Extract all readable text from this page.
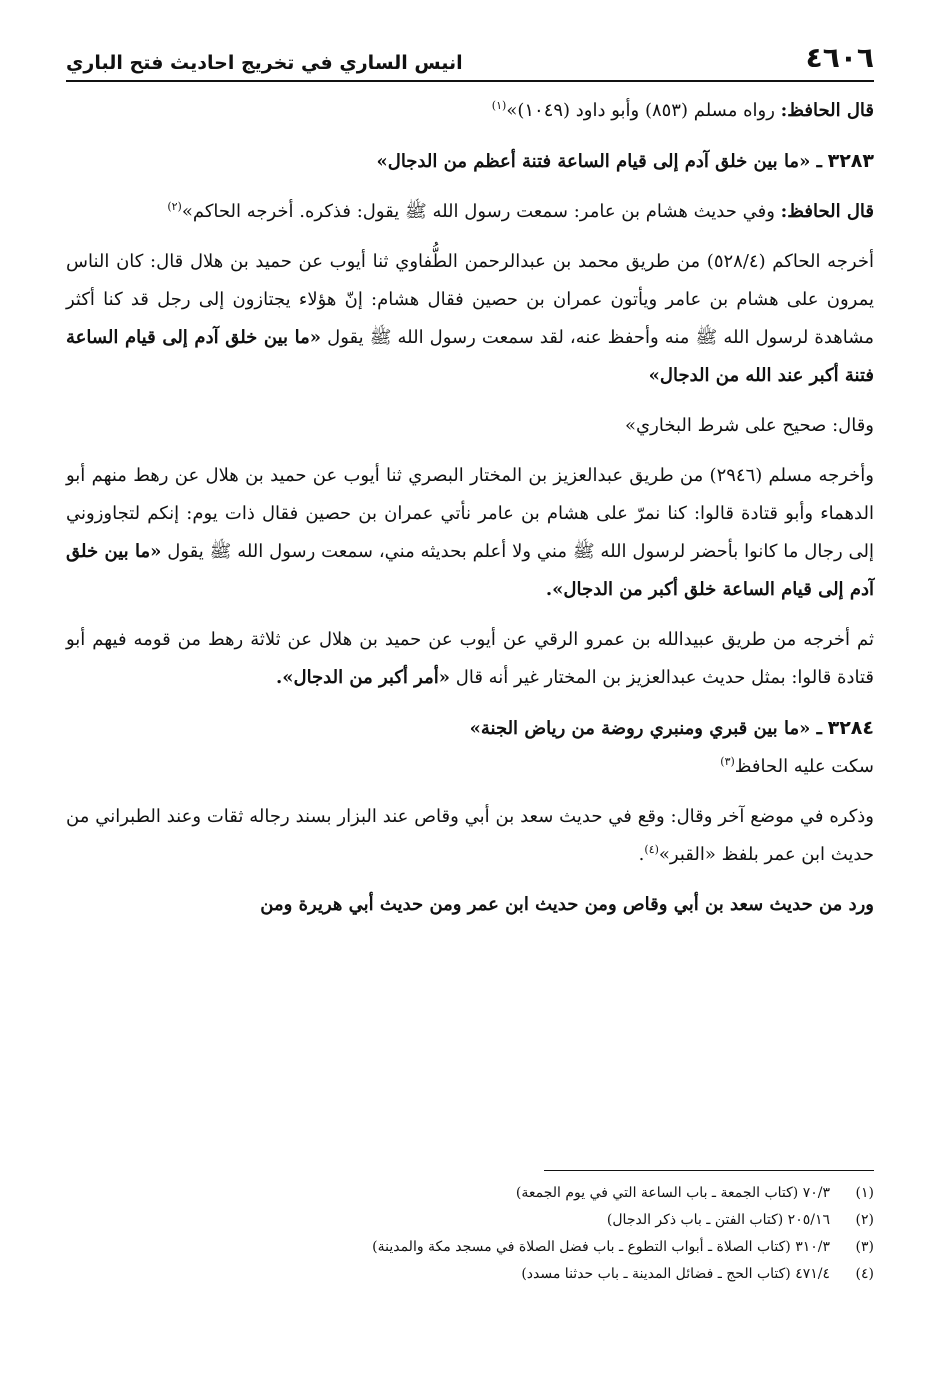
٤٦٠٦
انيس الساري في تخريج احاديث فتح الباري

قال الحافظ: رواه مسلم (٨٥٣) وأبو داود (١٠٤٩)»$^{(١)}$

٣٢٨٣ ـ «ما بين خلق آدم إلى قيام الساعة فتنة أعظم من الدجال»

قال الحافظ: وفي حديث هشام بن عامر: سمعت رسول الله ﷺ يقول: فذكره. أخرجه الحاكم»$^{(٢)}$

أخرجه الحاكم (٥٢٨/٤) من طريق محمد بن عبدالرحمن الطُّفاوي ثنا أيوب عن حميد بن هلال قال: كان الناس يمرون على هشام بن عامر ويأتون عمران بن حصين فقال هشام: إنّ هؤلاء يجتازون إلى رجل قد كنا أكثر مشاهدة لرسول الله ﷺ منه وأحفظ عنه، لقد سمعت رسول الله ﷺ يقول «ما بين خلق آدم إلى قيام الساعة فتنة أكبر عند الله من الدجال»

وقال: صحيح على شرط البخاري»

وأخرجه مسلم (٢٩٤٦) من طريق عبدالعزيز بن المختار البصري ثنا أيوب عن حميد بن هلال عن رهط منهم أبو الدهماء وأبو قتادة قالوا: كنا نمرّ على هشام بن عامر نأتي عمران بن حصين فقال ذات يوم: إنكم لتجاوزوني إلى رجال ما كانوا بأحضر لرسول الله ﷺ مني ولا أعلم بحديثه مني، سمعت رسول الله ﷺ يقول «ما بين خلق آدم إلى قيام الساعة خلق أكبر من الدجال».

ثم أخرجه من طريق عبيدالله بن عمرو الرقي عن أيوب عن حميد بن هلال عن ثلاثة رهط من قومه فيهم أبو قتادة قالوا: بمثل حديث عبدالعزيز بن المختار غير أنه قال «أمر أكبر من الدجال».

٣٢٨٤ ـ «ما بين قبري ومنبري روضة من رياض الجنة»

سكت عليه الحافظ$^{(٣)}$

وذكره في موضع آخر وقال: وقع في حديث سعد بن أبي وقاص عند البزار بسند رجاله ثقات وعند الطبراني من حديث ابن عمر بلفظ «القبر»$^{(٤)}$.

ورد من حديث سعد بن أبي وقاص ومن حديث ابن عمر ومن حديث أبي هريرة ومن

(١)
٧٠/٣ (كتاب الجمعة ـ باب الساعة التي في يوم الجمعة)
(٢)
٢٠٥/١٦ (كتاب الفتن ـ باب ذكر الدجال)
(٣)
٣١٠/٣ (كتاب الصلاة ـ أبواب التطوع ـ باب فضل الصلاة في مسجد مكة والمدينة)
(٤)
٤٧١/٤ (كتاب الحج ـ فضائل المدينة ـ باب حدثنا مسدد)
